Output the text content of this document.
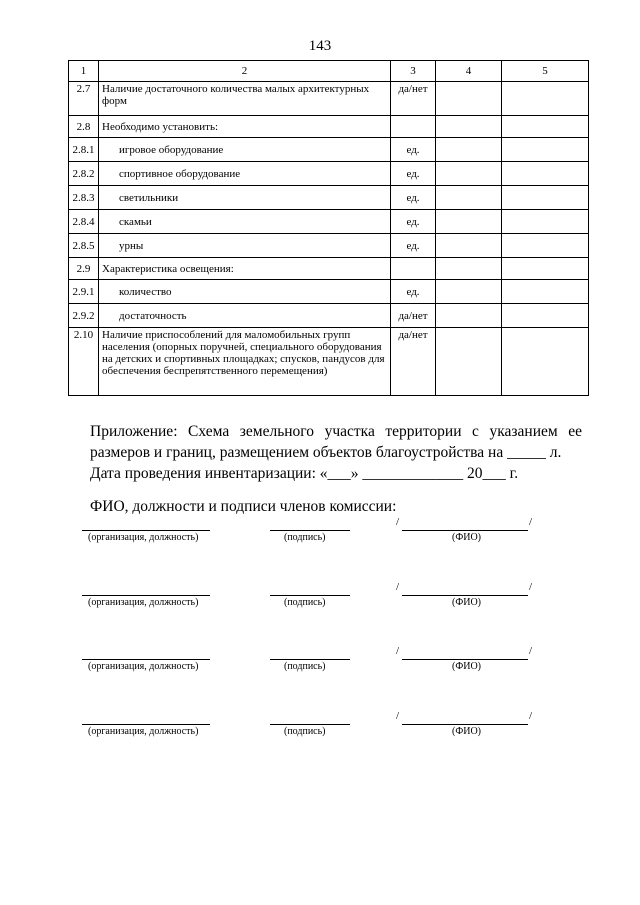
143
1	2	3	4	5
2.7	Наличие достаточного количества малых архитектурных форм	да/нет		
2.8	Необходимо установить:			
2.8.1	игровое оборудование	ед.		
2.8.2	спортивное оборудование	ед.		
2.8.3	светильники	ед.		
2.8.4	скамьи	ед.		
2.8.5	урны	ед.		
2.9	Характеристика освещения:			
2.9.1	количество	ед.		
2.9.2	достаточность	да/нет		
2.10	Наличие приспособлений для маломобильных групп населения (опорных поручней, специального оборудования на детских и спортивных площадках; спусков, пандусов для обеспечения беспрепятственного перемещения)	да/нет		

Приложение: Схема земельного участка территории с указанием ее размеров и границ, размещением объектов благоустройства на _____ л.

Дата проведения инвентаризации: «___» _____________ 20___ г.

ФИО, должности и подписи членов комиссии:
(организация, должность)	(подпись)
/	/
(ФИО)
(организация, должность)	(подпись)
/	/
(ФИО)
(организация, должность)	(подпись)
/	/
(ФИО)
(организация, должность)	(подпись)
/	/
(ФИО)
